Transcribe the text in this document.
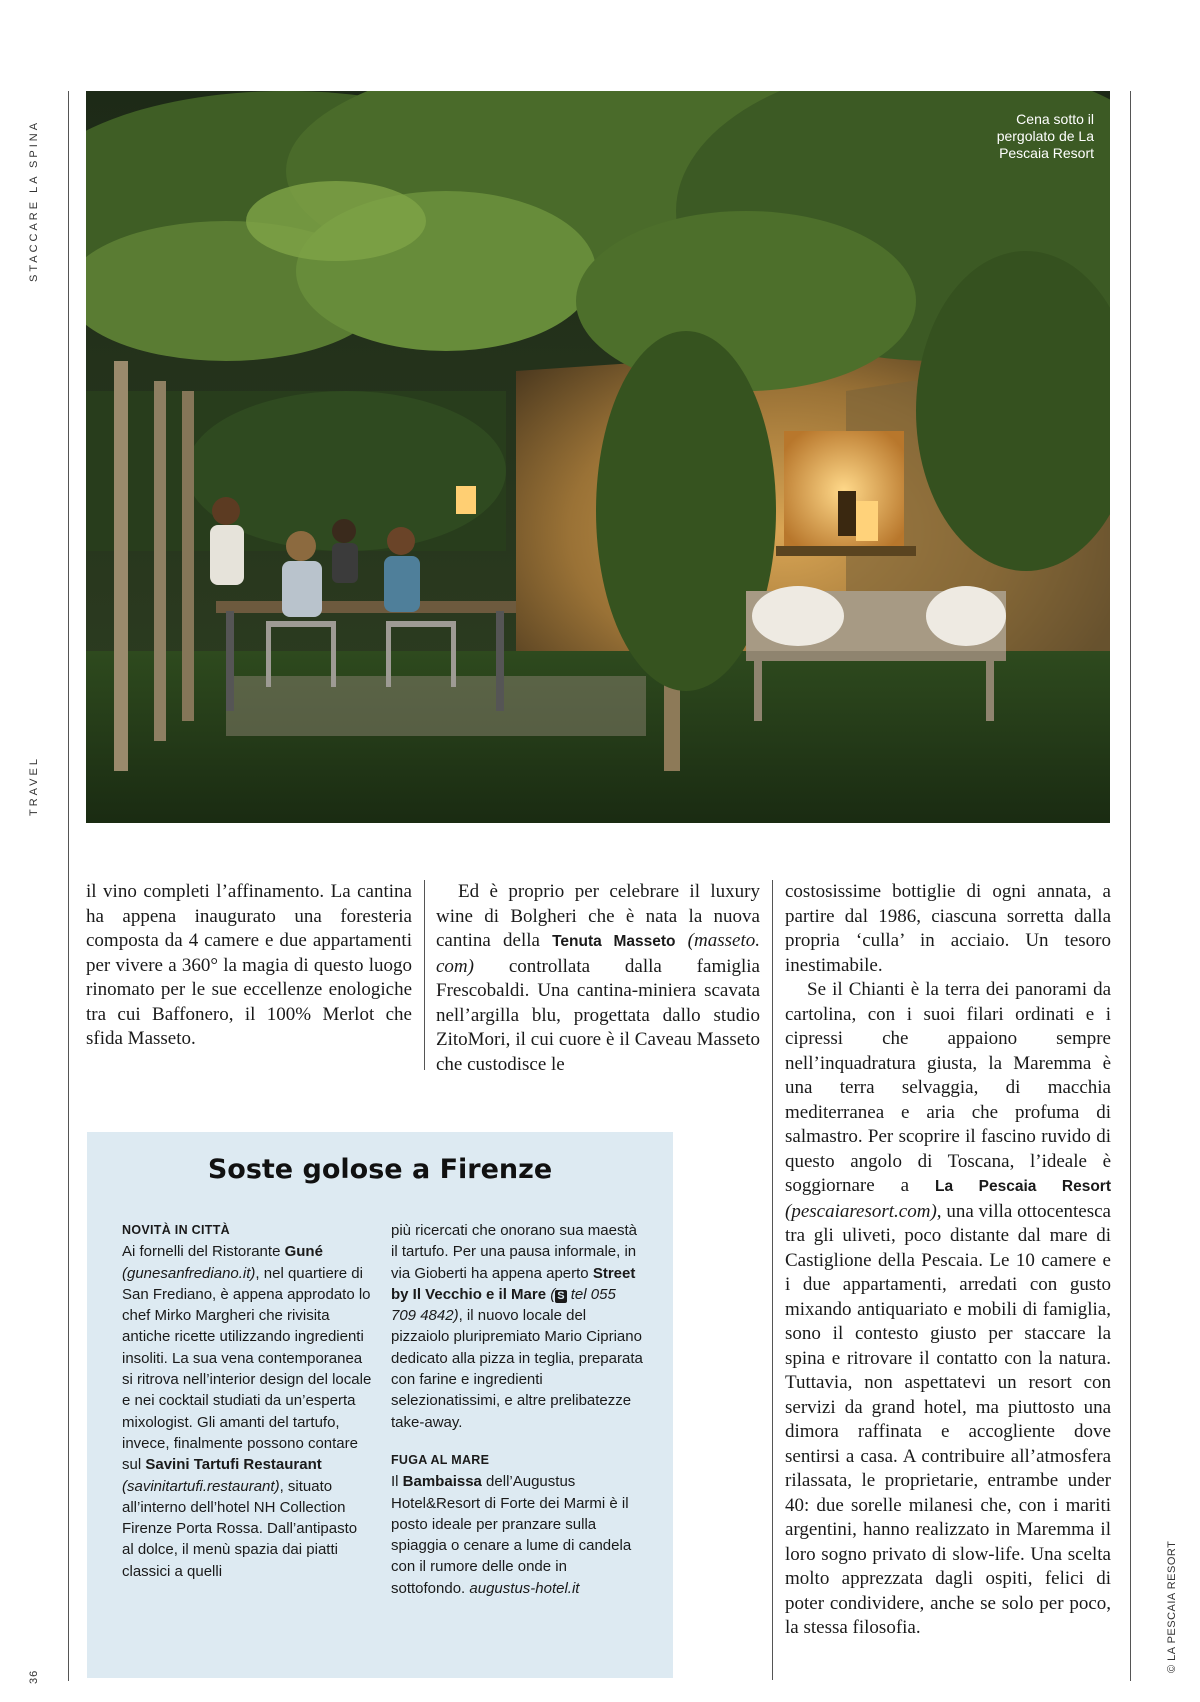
STACCARE LA SPINA
TRAVEL
36
Cena sotto il pergolato de La Pescaia Resort

il vino completi l’affinamento. La cantina ha appena inaugurato una foresteria composta da 4 camere e due appartamenti per vivere a 360° la magia di questo luogo rinomato per le sue eccellenze enologiche tra cui Baffonero, il 100% Merlot che sfida Masseto.

Ed è proprio per celebrare il luxury wine di Bolgheri che è nata la nuova cantina della Tenuta Masseto (masseto. com) controllata dalla famiglia Frescobaldi. Una cantina-miniera scavata nell’argilla blu, progettata dallo studio ZitoMori, il cui cuore è il Caveau Masseto che custodisce le

costosissime bottiglie di ogni annata, a partire dal 1986, ciascuna sorretta dalla propria ‘culla’ in acciaio. Un tesoro inestimabile.

Se il Chianti è la terra dei panorami da cartolina, con i suoi filari ordinati e i cipressi che appaiono sempre nell’inquadratura giusta, la Maremma è una terra selvaggia, di macchia mediterranea e aria che profuma di salmastro. Per scoprire il fascino ruvido di questo angolo di Toscana, l’ideale è soggiornare a La Pescaia Resort (pescaiaresort.com), una villa ottocentesca tra gli uliveti, poco distante dal mare di Castiglione della Pescaia. Le 10 camere e i due appartamenti, arredati con gusto mixando antiquariato e mobili di famiglia, sono il contesto giusto per staccare la spina e ritrovare il contatto con la natura. Tuttavia, non aspettatevi un resort con servizi da grand hotel, ma piuttosto una dimora raffinata e accogliente dove sentirsi a casa. A contribuire all’atmosfera rilassata, le proprietarie, entrambe under 40: due sorelle milanesi che, con i mariti argentini, hanno realizzato in Maremma il loro sogno privato di slow-life. Una scelta molto apprezzata dagli ospiti, felici di poter condividere, anche se solo per poco, la stessa filosofia.

Soste golose a Firenze

NOVITÀ IN CITTÀ

Ai fornelli del Ristorante Guné (gunesanfrediano.it), nel quartiere di San Frediano, è appena approdato lo chef Mirko Margheri che rivisita antiche ricette utilizzando ingredienti insoliti. La sua vena contemporanea si ritrova nell’interior design del locale e nei cocktail studiati da un’esperta mixologist. Gli amanti del tartufo, invece, finalmente possono contare sul Savini Tartufi Restaurant (savinitartufi.restaurant), situato all’interno dell’hotel NH Collection Firenze Porta Rossa. Dall’antipasto al dolce, il menù spazia dai piatti classici a quelli

più ricercati che onorano sua maestà il tartufo. Per una pausa informale, in via Gioberti ha appena aperto Street by Il Vecchio e il Mare ( S tel 055 709 4842), il nuovo locale del pizzaiolo pluripremiato Mario Cipriano dedicato alla pizza in teglia, preparata con farine e ingredienti selezionatissimi, e altre prelibatezze take-away.

FUGA AL MARE

Il Bambaissa dell’Augustus Hotel&Resort di Forte dei Marmi è il posto ideale per pranzare sulla spiaggia o cenare a lume di candela con il rumore delle onde in sottofondo. augustus-hotel.it	© LA PESCAIA RESORT
